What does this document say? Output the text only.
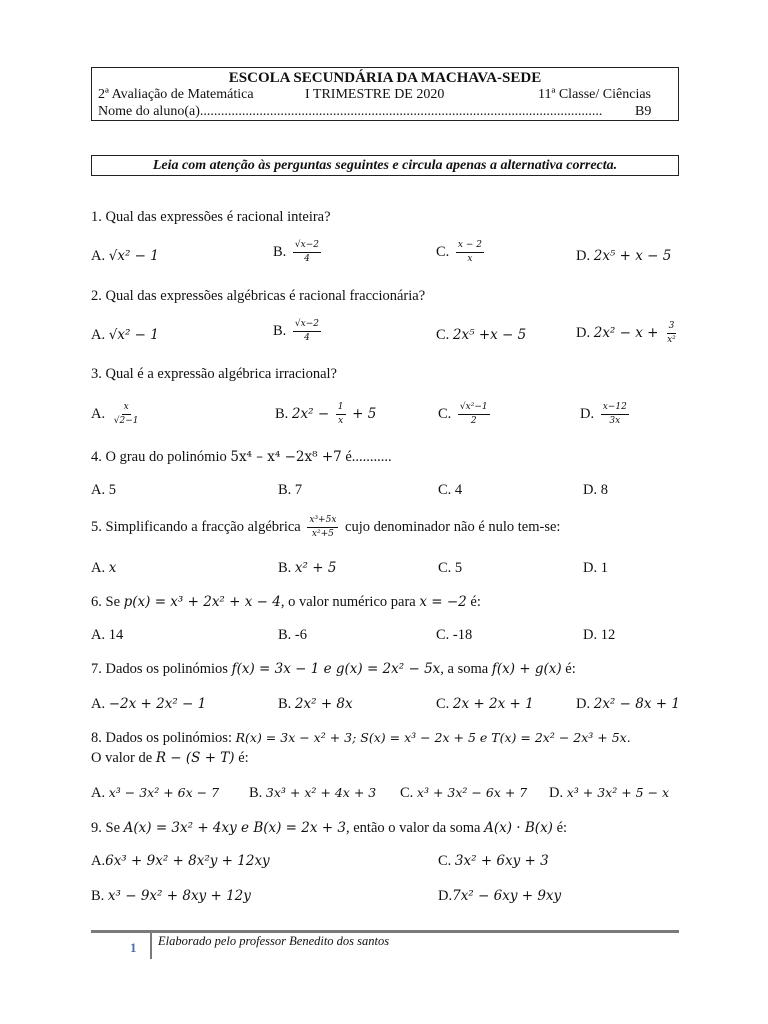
ESCOLA SECUNDÁRIA DA MACHAVA-SEDE
2ª Avaliação de Matemática	I TRIMESTRE DE 2020	11ª Classe/ Ciências
Nome do aluno(a)...................................................................................................................	B9
Leia com atenção às perguntas seguintes e circula apenas a alternativa correcta.
1. Qual das expressões é racional inteira?
A. √x² − 1	B. $\frac{√x-2}{4}$	C. $\frac{x - 2}{x}$	D. 2x⁵ + x − 5
2. Qual das expressões algébricas é racional fraccionária?
A. √x² − 1	B. $\frac{√x-2}{4}$	C. 2x⁵ +x − 5	D. $2x^2 - x + \frac{3}{\text{x²}}$
3. Qual é a expressão algébrica irracional?
A. $\frac{x}{√2-1}$	B. $2x^2 - \frac{1}{x} + 5$	C. $\frac{\text{√x²−1}}{2}$	D. $\frac{x-12}{3x}$
4. O grau do polinómio 5x⁴ – x⁴ −2x⁸ +7 é...........
A. 5	B. 7	C. 4	D. 8
5. Simplificando a fracção algébrica $\frac{\text{x³+5x}}{\text{x²+5}}$ cujo denominador não é nulo tem-se:
A. x	B. x² + 5	C. 5	D. 1
6. Se p(x) = x³ + 2x² + x − 4, o valor numérico para x = −2 é:
A. 14	B. -6	C. -18	D. 12
7. Dados os polinómios f(x) = 3x − 1 e g(x) = 2x² − 5x, a soma f(x) + g(x) é:
A. −2x + 2x² − 1	B. 2x² + 8x	C. 2x + 2x + 1	D. 2x² − 8x + 1
8. Dados os polinómios: R(x) = 3x − x² + 3; S(x) = x³ − 2x + 5 e T(x) = 2x² − 2x³ + 5x.
O valor de R − (S + T) é:
A. x³ − 3x² + 6x − 7 B. 3x³ + x² + 4x + 3 C. x³ + 3x² − 6x + 7 D. x³ + 3x² + 5 − x
9. Se A(x) = 3x² + 4xy e B(x) = 2x + 3, então o valor da soma A(x) · B(x) é:
A.6x³ + 9x² + 8x²y + 12xy	C. 3x² + 6xy + 3
B. x³ − 9x² + 8xy + 12y	D.7x² − 6xy + 9xy
1 Elaborado pelo professor Benedito dos santos
